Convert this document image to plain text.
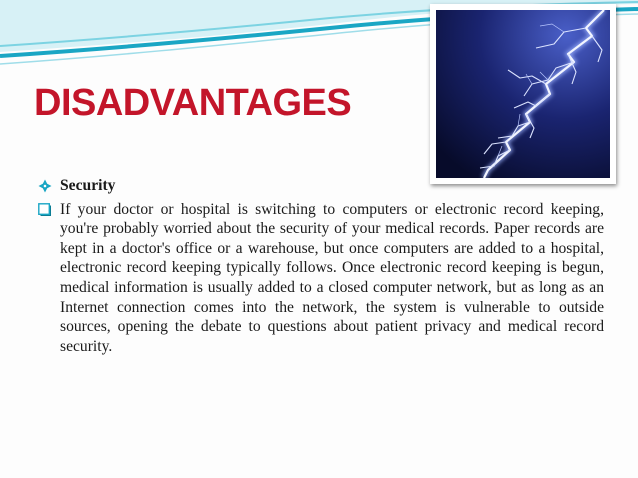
DISADVANTAGES
Security
If your doctor or hospital is switching to computers or electronic record keeping, you're probably worried about the security of your medical records. Paper records are kept in a doctor's office or a warehouse, but once computers are added to a hospital, electronic record keeping typically follows. Once electronic record keeping is begun, medical information is usually added to a closed computer network, but as long as an Internet connection comes into the network, the system is vulnerable to outside sources, opening the debate to questions about patient privacy and medical record security.
